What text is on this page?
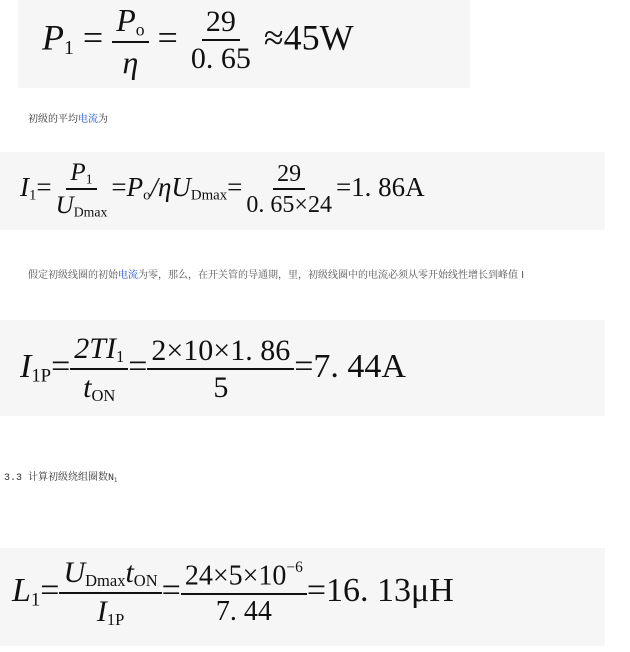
$P_1 = \frac{P_o}{\eta} = \frac{29}{0. 65} \approx 45W$
初级的平均电流为
$I_1= \frac{P_1}{U_{Dmax}} =P_o/\eta U_{Dmax}= \frac{29}{0. 65\times 24} =1$. 86A
假定初级线圈的初始电流为零，那么，在开关管的导通期，里，初级线圈中的电流必须从零开始线性增长到峰值 I
$I_{1P}= \frac{2TI_1}{t_{ON}} = \frac{2\times 10\times 1. 86}{5} =7$. 44A
3.3 计算初级绕组圈数$N_1$
$L_1= \frac{U_{Dmax}t_{ON}}{I_{1P}} = \frac{24\times 5\times 10^{-6}}{7. 44} =16$. 13μH
